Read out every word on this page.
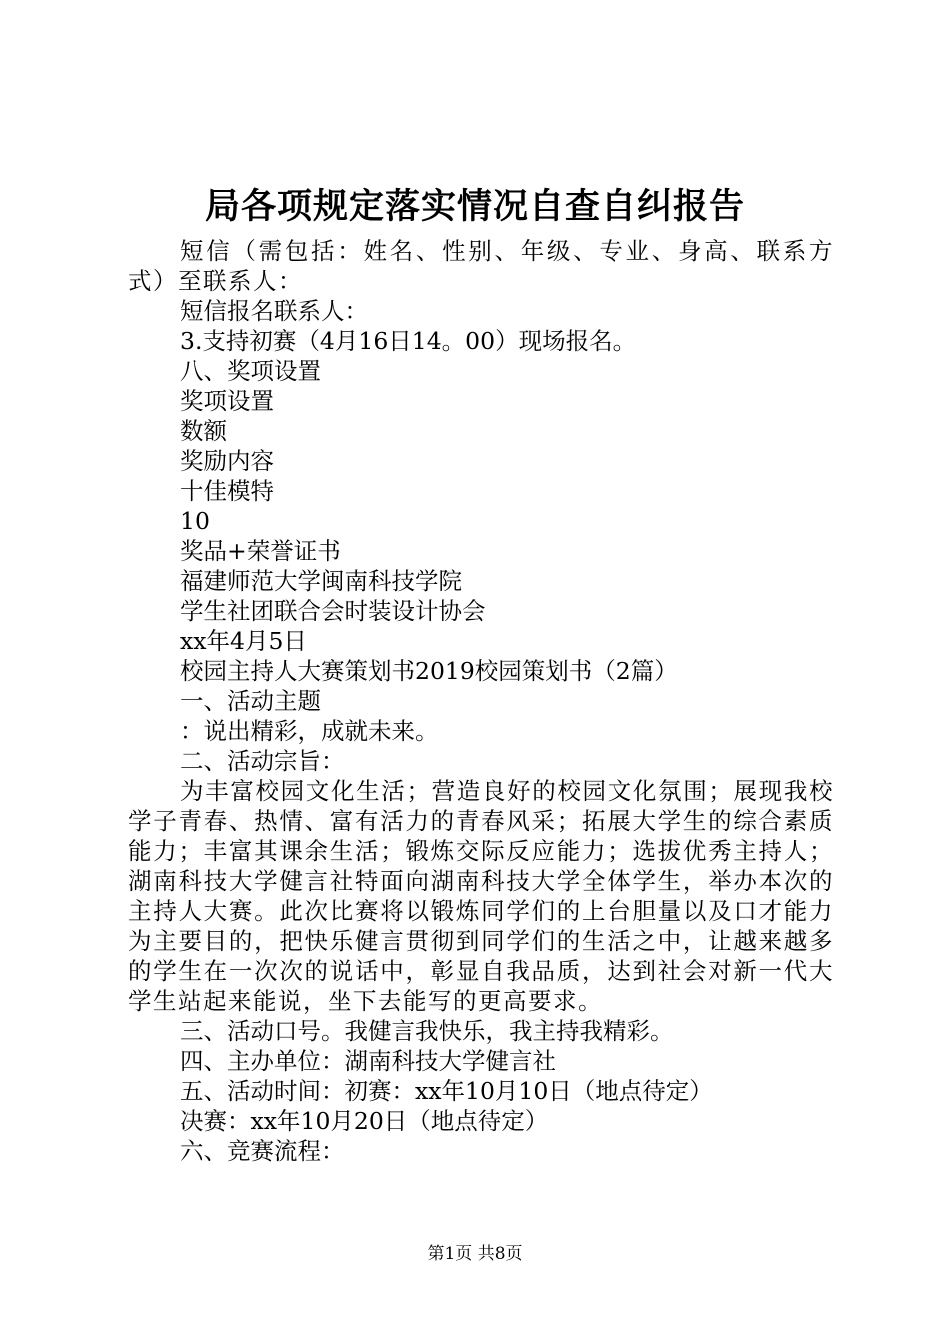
局各项规定落实情况自查自纠报告

短信（需包括：姓名、性别、年级、专业、身高、联系方式）至联系人：

短信报名联系人：

3.支持初赛（4月16日14。00）现场报名。

八、奖项设置

奖项设置

数额

奖励内容

十佳模特

10

奖品+荣誉证书

福建师范大学闽南科技学院

学生社团联合会时装设计协会

xx年4月5日

校园主持人大赛策划书2019校园策划书（2篇）

一、活动主题

：说出精彩，成就未来。

二、活动宗旨：

为丰富校园文化生活；营造良好的校园文化氛围；展现我校学子青春、热情、富有活力的青春风采；拓展大学生的综合素质能力；丰富其课余生活；锻炼交际反应能力；选拔优秀主持人；湖南科技大学健言社特面向湖南科技大学全体学生，举办本次的主持人大赛。此次比赛将以锻炼同学们的上台胆量以及口才能力为主要目的，把快乐健言贯彻到同学们的生活之中，让越来越多的学生在一次次的说话中，彰显自我品质，达到社会对新一代大学生站起来能说，坐下去能写的更高要求。

三、活动口号。我健言我快乐，我主持我精彩。

四、主办单位：湖南科技大学健言社

五、活动时间：初赛：xx年10月10日（地点待定）

决赛：xx年10月20日（地点待定）

六、竞赛流程：

第1页 共8页
